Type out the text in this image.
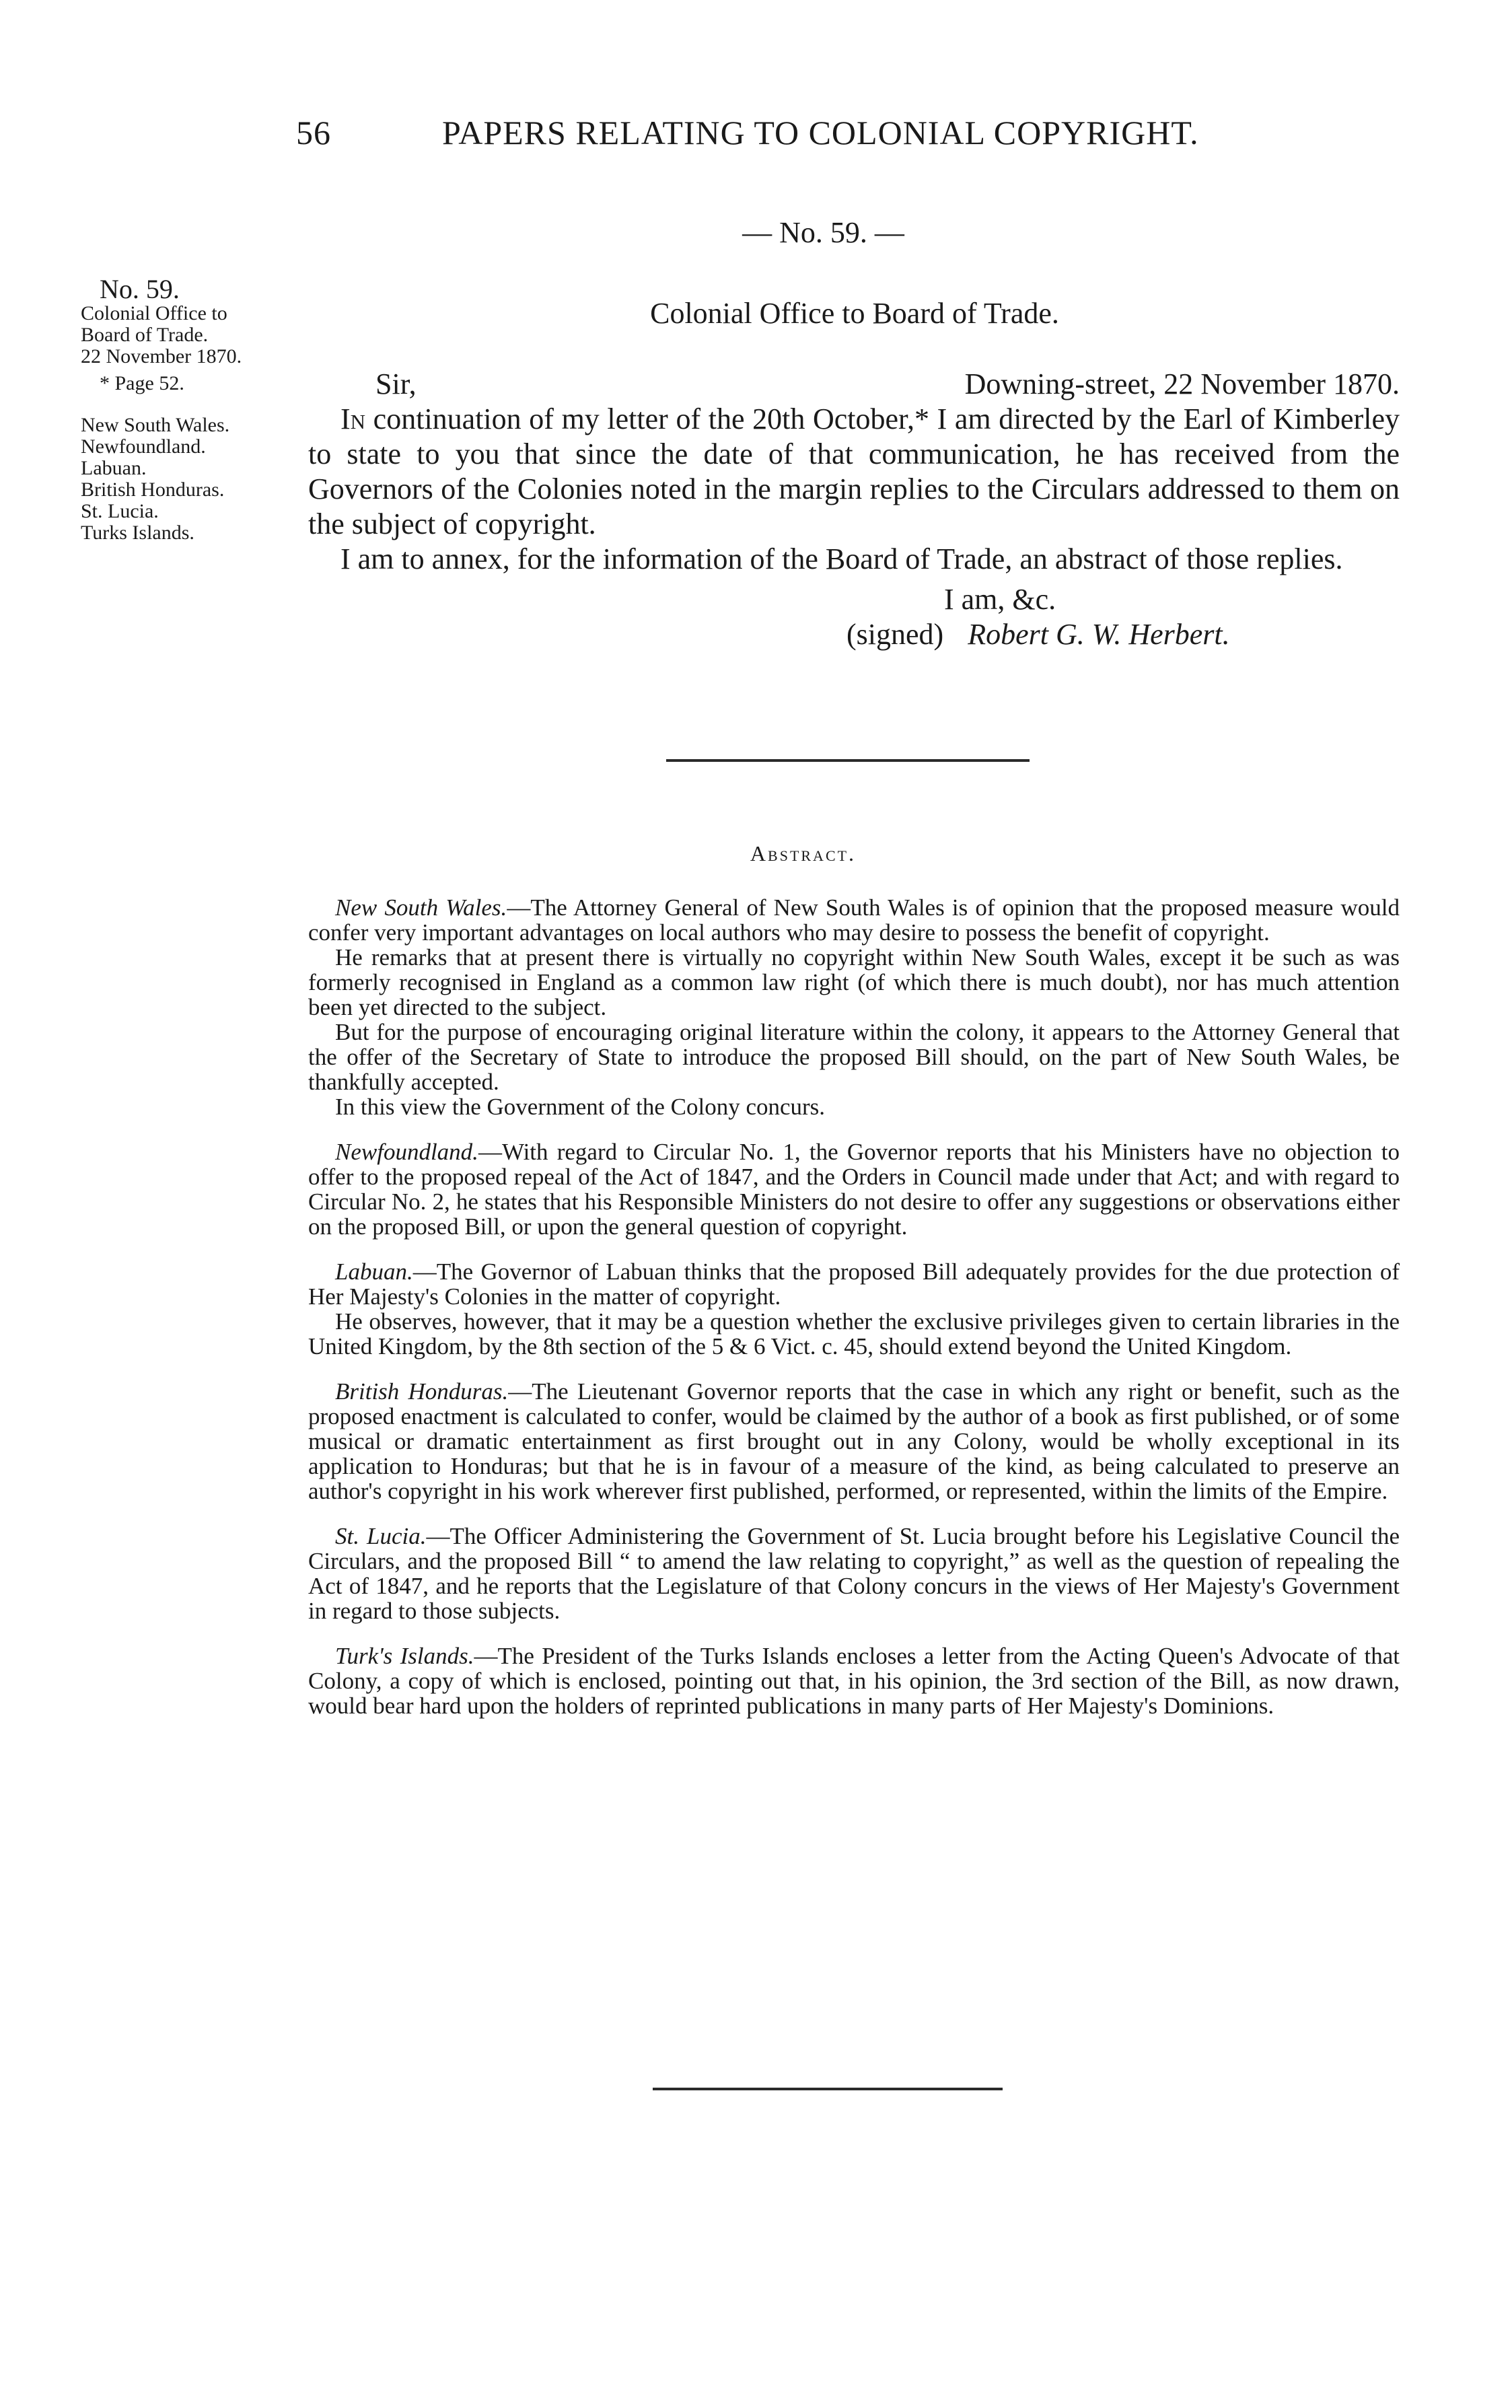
56	PAPERS RELATING TO COLONIAL COPYRIGHT.
— No. 59. —
Colonial Office to Board of Trade.
No. 59.
Colonial Office to
Board of Trade.
22 November 1870.
* Page 52.
New South Wales.
Newfoundland.
Labuan.
British Honduras.
St. Lucia.
Turks Islands.
Sir,	Downing-street, 22 November 1870.

In continuation of my letter of the 20th October,* I am directed by the Earl of Kimberley to state to you that since the date of that communication, he has received from the Governors of the Colonies noted in the margin replies to the Circulars addressed to them on the subject of copyright.

I am to annex, for the information of the Board of Trade, an abstract of those replies.

I am, &c.
(signed) Robert G. W. Herbert.
Abstract.

New South Wales.—The Attorney General of New South Wales is of opinion that the proposed measure would confer very important advantages on local authors who may desire to possess the benefit of copyright.

He remarks that at present there is virtually no copyright within New South Wales, except it be such as was formerly recognised in England as a common law right (of which there is much doubt), nor has much attention been yet directed to the subject.

But for the purpose of encouraging original literature within the colony, it appears to the Attorney General that the offer of the Secretary of State to introduce the proposed Bill should, on the part of New South Wales, be thankfully accepted.

In this view the Government of the Colony concurs.

Newfoundland.—With regard to Circular No. 1, the Governor reports that his Ministers have no objection to offer to the proposed repeal of the Act of 1847, and the Orders in Council made under that Act; and with regard to Circular No. 2, he states that his Responsible Ministers do not desire to offer any suggestions or observations either on the proposed Bill, or upon the general question of copyright.

Labuan.—The Governor of Labuan thinks that the proposed Bill adequately provides for the due protection of Her Majesty's Colonies in the matter of copyright.

He observes, however, that it may be a question whether the exclusive privileges given to certain libraries in the United Kingdom, by the 8th section of the 5 & 6 Vict. c. 45, should extend beyond the United Kingdom.

British Honduras.—The Lieutenant Governor reports that the case in which any right or benefit, such as the proposed enactment is calculated to confer, would be claimed by the author of a book as first published, or of some musical or dramatic entertainment as first brought out in any Colony, would be wholly exceptional in its application to Honduras; but that he is in favour of a measure of the kind, as being calculated to preserve an author's copyright in his work wherever first published, performed, or represented, within the limits of the Empire.

St. Lucia.—The Officer Administering the Government of St. Lucia brought before his Legislative Council the Circulars, and the proposed Bill “ to amend the law relating to copyright,” as well as the question of repealing the Act of 1847, and he reports that the Legislature of that Colony concurs in the views of Her Majesty's Government in regard to those subjects.

Turk's Islands.—The President of the Turks Islands encloses a letter from the Acting Queen's Advocate of that Colony, a copy of which is enclosed, pointing out that, in his opinion, the 3rd section of the Bill, as now drawn, would bear hard upon the holders of reprinted publications in many parts of Her Majesty's Dominions.
